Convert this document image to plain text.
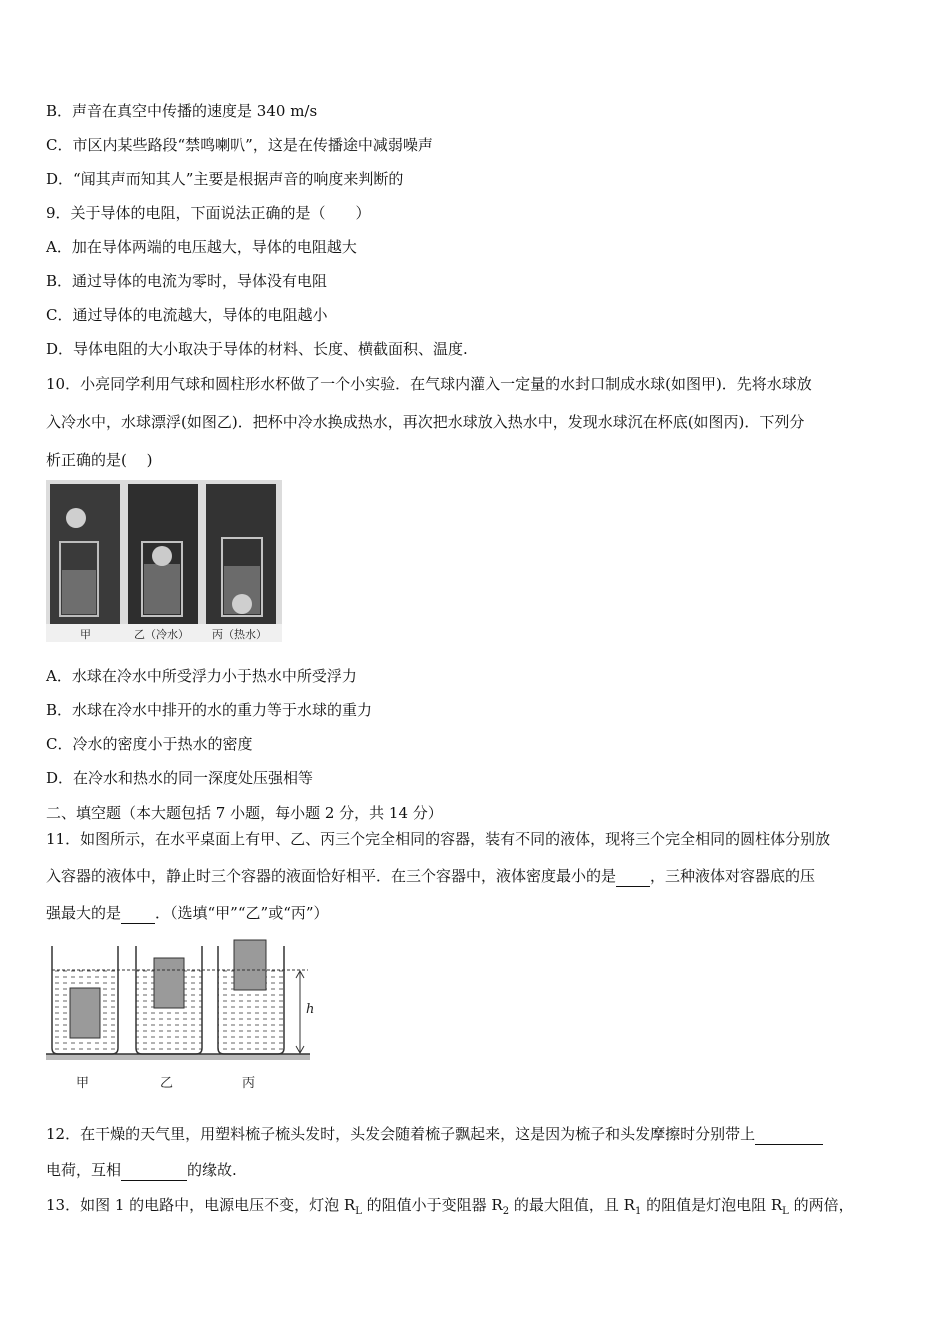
B．声音在真空中传播的速度是 340 m/s
C．市区内某些路段“禁鸣喇叭”，这是在传播途中减弱噪声
D．“闻其声而知其人”主要是根据声音的响度来判断的
9．关于导体的电阻，下面说法正确的是（　　）
A．加在导体两端的电压越大，导体的电阻越大
B．通过导体的电流为零时，导体没有电阻
C．通过导体的电流越大，导体的电阻越小
D．导体电阻的大小取决于导体的材料、长度、横截面积、温度.
10．小亮同学利用气球和圆柱形水杯做了一个小实验．在气球内灌入一定量的水封口制成水球(如图甲)．先将水球放
入冷水中，水球漂浮(如图乙)．把杯中冷水换成热水，再次把水球放入热水中，发现水球沉在杯底(如图丙)．下列分
析正确的是(　 )
甲	乙（冷水） 丙（热水）
A．水球在冷水中所受浮力小于热水中所受浮力
B．水球在冷水中排开的水的重力等于水球的重力
C．冷水的密度小于热水的密度
D．在冷水和热水的同一深度处压强相等
二、填空题（本大题包括 7 小题，每小题 2 分，共 14 分）
11．如图所示，在水平桌面上有甲、乙、丙三个完全相同的容器，装有不同的液体，现将三个完全相同的圆柱体分别放
入容器的液体中，静止时三个容器的液面恰好相平．在三个容器中，液体密度最小的是 ，三种液体对容器底的压
强最大的是 ．（选填“甲”“乙”或“丙”）
h
甲	乙	丙
12．在干燥的天气里，用塑料梳子梳头发时，头发会随着梳子飘起来，这是因为梳子和头发摩擦时分别带上
电荷，互相	的缘故.
13．如图 1 的电路中，电源电压不变，灯泡 $R_L$ 的阻值小于变阻器 $R_2$ 的最大阻值，且 $R_1$ 的阻值是灯泡电阻 $R_L$ 的两倍，
